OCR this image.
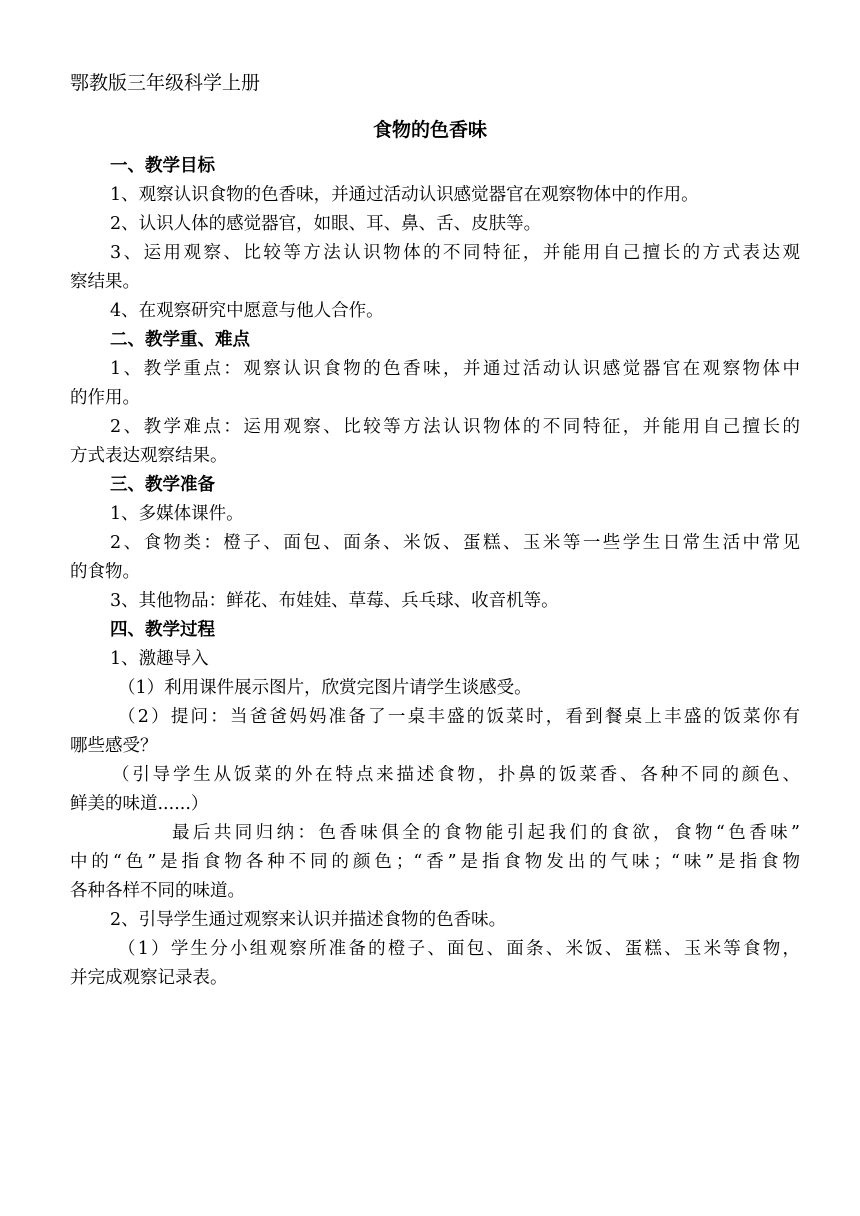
鄂教版三年级科学上册
食物的色香味
一、教学目标
1、观察认识食物的色香味，并通过活动认识感觉器官在观察物体中的作用。
2、认识人体的感觉器官，如眼、耳、鼻、舌、皮肤等。
3、运用观察、比较等方法认识物体的不同特征，并能用自己擅长的方式表达观
察结果。
4、在观察研究中愿意与他人合作。
二、教学重、难点
1、教学重点：观察认识食物的色香味，并通过活动认识感觉器官在观察物体中
的作用。
2、教学难点：运用观察、比较等方法认识物体的不同特征，并能用自己擅长的
方式表达观察结果。
三、教学准备
1、多媒体课件。
2、食物类：橙子、面包、面条、米饭、蛋糕、玉米等一些学生日常生活中常见
的食物。
3、其他物品：鲜花、布娃娃、草莓、兵乓球、收音机等。
四、教学过程
1、激趣导入
（1）利用课件展示图片，欣赏完图片请学生谈感受。
（2）提问：当爸爸妈妈准备了一桌丰盛的饭菜时，看到餐桌上丰盛的饭菜你有
哪些感受？
（引导学生从饭菜的外在特点来描述食物，扑鼻的饭菜香、各种不同的颜色、
鲜美的味道......）
最后共同归纳：色香味俱全的食物能引起我们的食欲，食物“色香味”
中的“色”是指食物各种不同的颜色；“香”是指食物发出的气味；“味”是指食物
各种各样不同的味道。
2、引导学生通过观察来认识并描述食物的色香味。
（1）学生分小组观察所准备的橙子、面包、面条、米饭、蛋糕、玉米等食物，
并完成观察记录表。
